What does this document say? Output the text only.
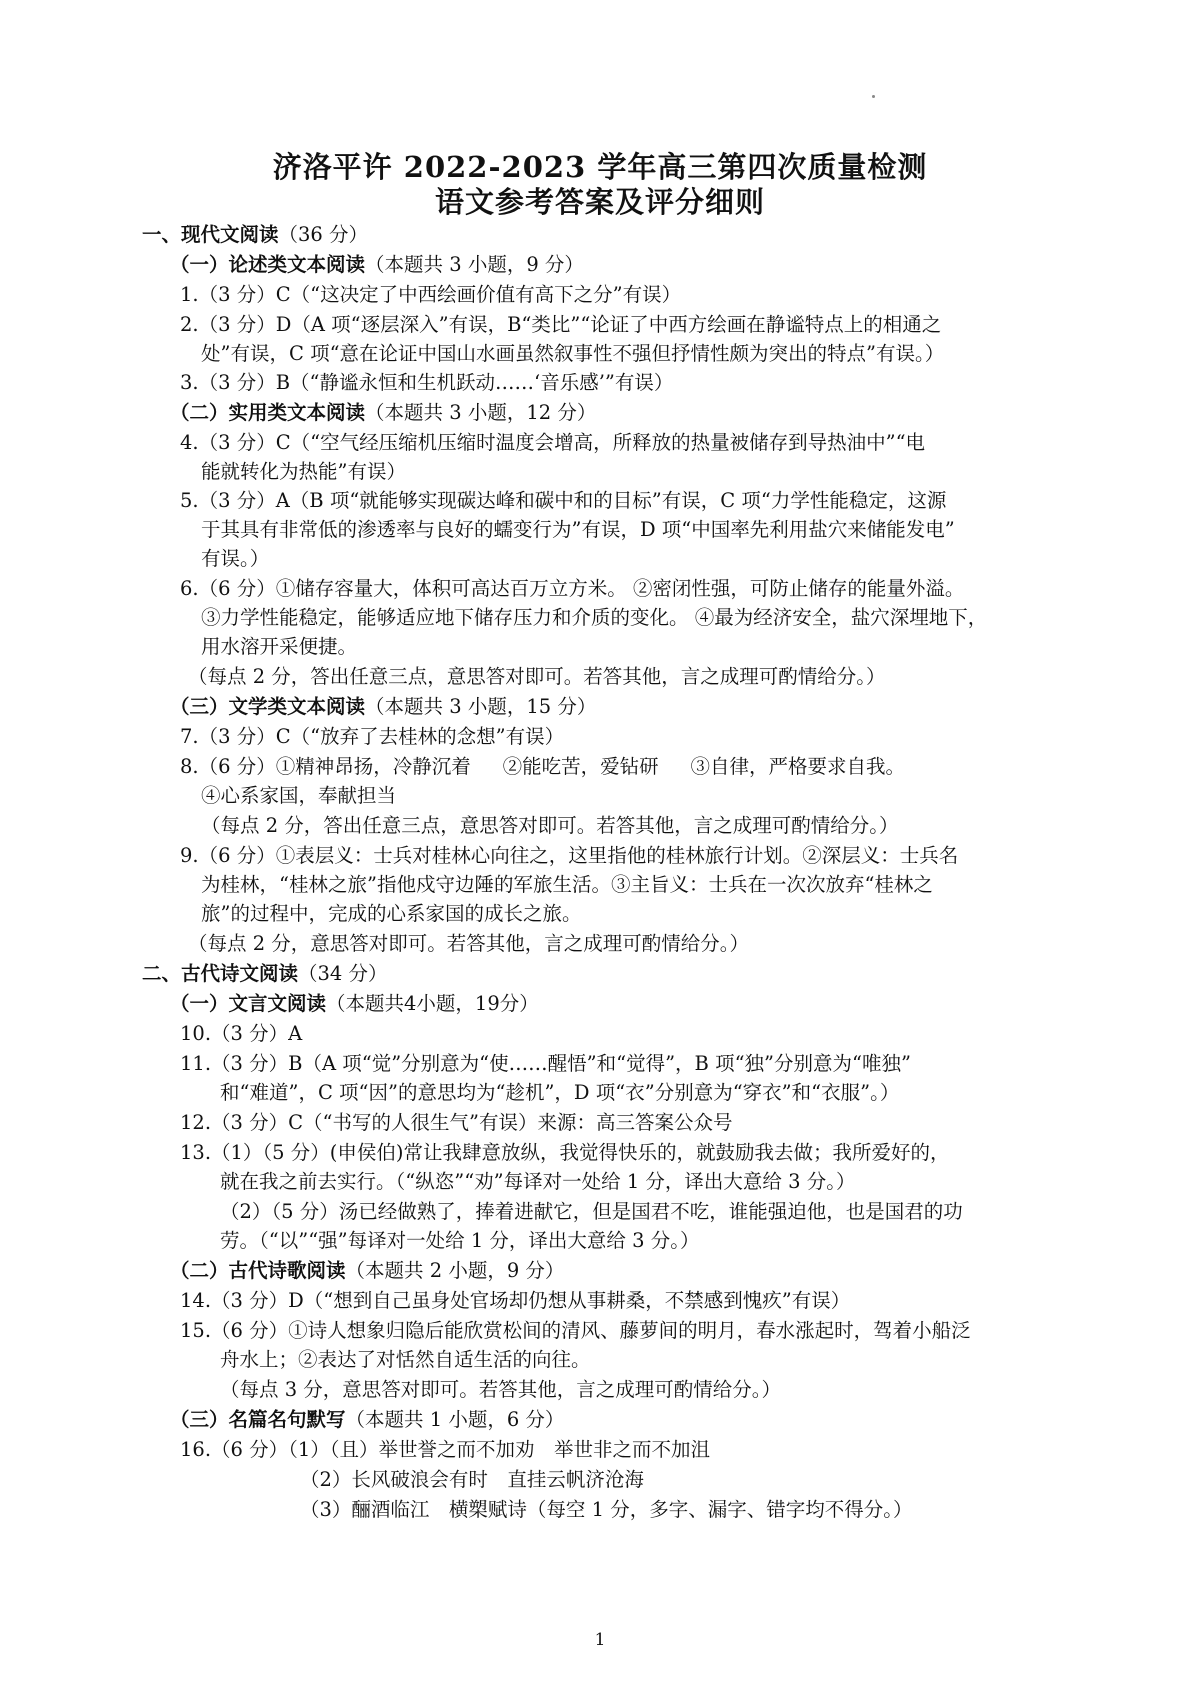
济洛平许 2022-2023 学年高三第四次质量检测
语文参考答案及评分细则
一、现代文阅读（36 分）
（一）论述类文本阅读（本题共 3 小题，9 分）
1.（3 分）C（“这决定了中西绘画价值有高下之分”有误）
2.（3 分）D（A 项“逐层深入”有误，B“类比”“论证了中西方绘画在静谧特点上的相通之
处”有误，C 项“意在论证中国山水画虽然叙事性不强但抒情性颇为突出的特点”有误。）
3.（3 分）B（“静谧永恒和生机跃动……‘音乐感’”有误）
（二）实用类文本阅读（本题共 3 小题，12 分）
4.（3 分）C（“空气经压缩机压缩时温度会增高，所释放的热量被储存到导热油中”“电
能就转化为热能”有误）
5.（3 分）A（B 项“就能够实现碳达峰和碳中和的目标”有误，C 项“力学性能稳定，这源
于其具有非常低的渗透率与良好的蠕变行为”有误，D 项“中国率先利用盐穴来储能发电”
有误。）
6.（6 分）①储存容量大，体积可高达百万立方米。 ②密闭性强，可防止储存的能量外溢。
③力学性能稳定，能够适应地下储存压力和介质的变化。 ④最为经济安全，盐穴深埋地下，
用水溶开采便捷。
（每点 2 分，答出任意三点，意思答对即可。若答其他，言之成理可酌情给分。）
（三）文学类文本阅读（本题共 3 小题，15 分）
7.（3 分）C（“放弃了去桂林的念想”有误）
8.（6 分）①精神昂扬，冷静沉着 　 ②能吃苦，爱钻研 　 ③自律，严格要求自我。
④心系家国，奉献担当
（每点 2 分，答出任意三点，意思答对即可。若答其他，言之成理可酌情给分。）
9.（6 分）①表层义：士兵对桂林心向往之，这里指他的桂林旅行计划。②深层义：士兵名
为桂林，“桂林之旅”指他戍守边陲的军旅生活。③主旨义：士兵在一次次放弃“桂林之
旅”的过程中，完成的心系家国的成长之旅。
（每点 2 分，意思答对即可。若答其他，言之成理可酌情给分。）
二、古代诗文阅读（34 分）
（一）文言文阅读（本题共4小题，19分）
10.（3 分）A
11.（3 分）B（A 项“觉”分别意为“使……醒悟”和“觉得”，B 项“独”分别意为“唯独”
和“难道”，C 项“因”的意思均为“趁机”，D 项“衣”分别意为“穿衣”和“衣服”。）
12.（3 分）C（“书写的人很生气”有误）来源：高三答案公众号
13.（1）（5 分）(申侯伯)常让我肆意放纵，我觉得快乐的，就鼓励我去做；我所爱好的，
就在我之前去实行。（“纵恣”“劝”每译对一处给 1 分，译出大意给 3 分。）
（2）（5 分）汤已经做熟了，捧着进献它，但是国君不吃，谁能强迫他，也是国君的功
劳。（“以”“强”每译对一处给 1 分，译出大意给 3 分。）
（二）古代诗歌阅读（本题共 2 小题，9 分）
14.（3 分）D（“想到自己虽身处官场却仍想从事耕桑，不禁感到愧疚”有误）
15.（6 分）①诗人想象归隐后能欣赏松间的清风、藤萝间的明月，春水涨起时，驾着小船泛
舟水上；②表达了对恬然自适生活的向往。
（每点 3 分，意思答对即可。若答其他，言之成理可酌情给分。）
（三）名篇名句默写（本题共 1 小题，6 分）
16.（6 分）（1）（且）举世誉之而不加劝　举世非之而不加沮
（2）长风破浪会有时　直挂云帆济沧海
（3）酾酒临江　横槊赋诗（每空 1 分，多字、漏字、错字均不得分。）
1
